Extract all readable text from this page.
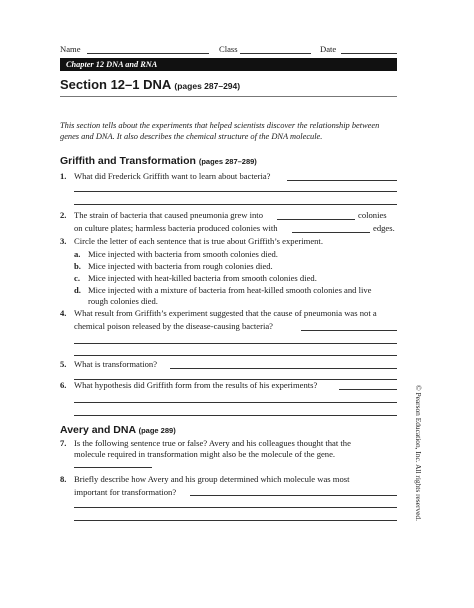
Name	Class	Date
Chapter 12 DNA and RNA
Section 12–1 DNA (pages 287–294)
This section tells about the experiments that helped scientists discover the relationship between genes and DNA. It also describes the chemical structure of the DNA molecule.
Griffith and Transformation (pages 287–289)
1. What did Frederick Griffith want to learn about bacteria?
2. The strain of bacteria that caused pneumonia grew into	colonies
on culture plates; harmless bacteria produced colonies with	edges.
3. Circle the letter of each sentence that is true about Griffith’s experiment.
a. Mice injected with bacteria from smooth colonies died.
b. Mice injected with bacteria from rough colonies died.
c. Mice injected with heat-killed bacteria from smooth colonies died.
d. Mice injected with a mixture of bacteria from heat-killed smooth colonies and live
rough colonies died.
4. What result from Griffith’s experiment suggested that the cause of pneumonia was not a
chemical poison released by the disease-causing bacteria?
5. What is transformation?
6. What hypothesis did Griffith form from the results of his experiments?
Avery and DNA (page 289)
7. Is the following sentence true or false? Avery and his colleagues thought that the
molecule required in transformation might also be the molecule of the gene.
8. Briefly describe how Avery and his group determined which molecule was most
important for transformation?	© Pearson Education, Inc. All rights reserved.
